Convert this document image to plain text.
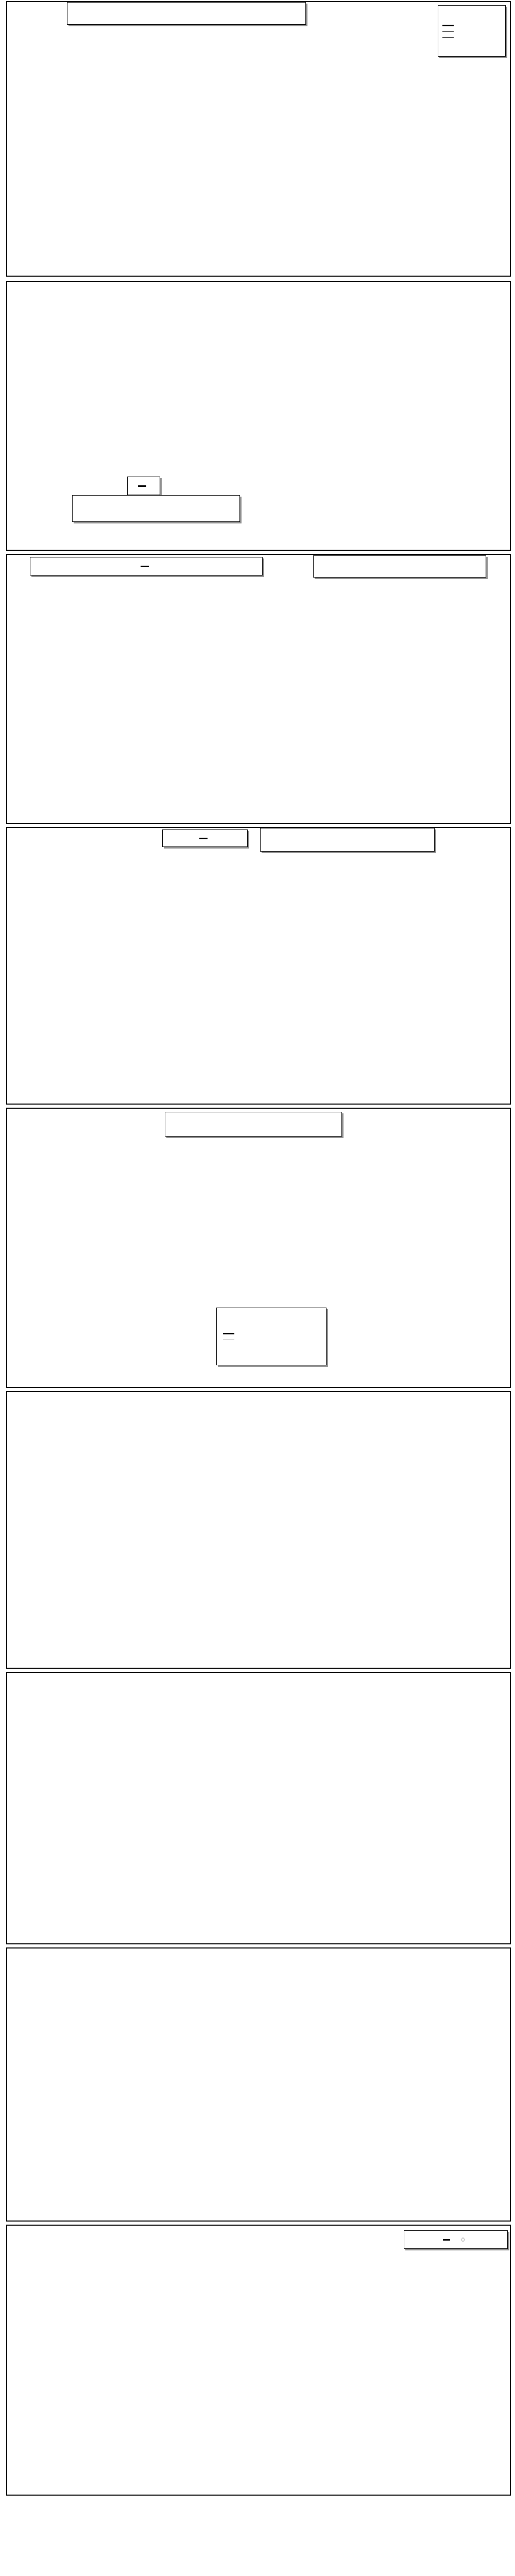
◇
